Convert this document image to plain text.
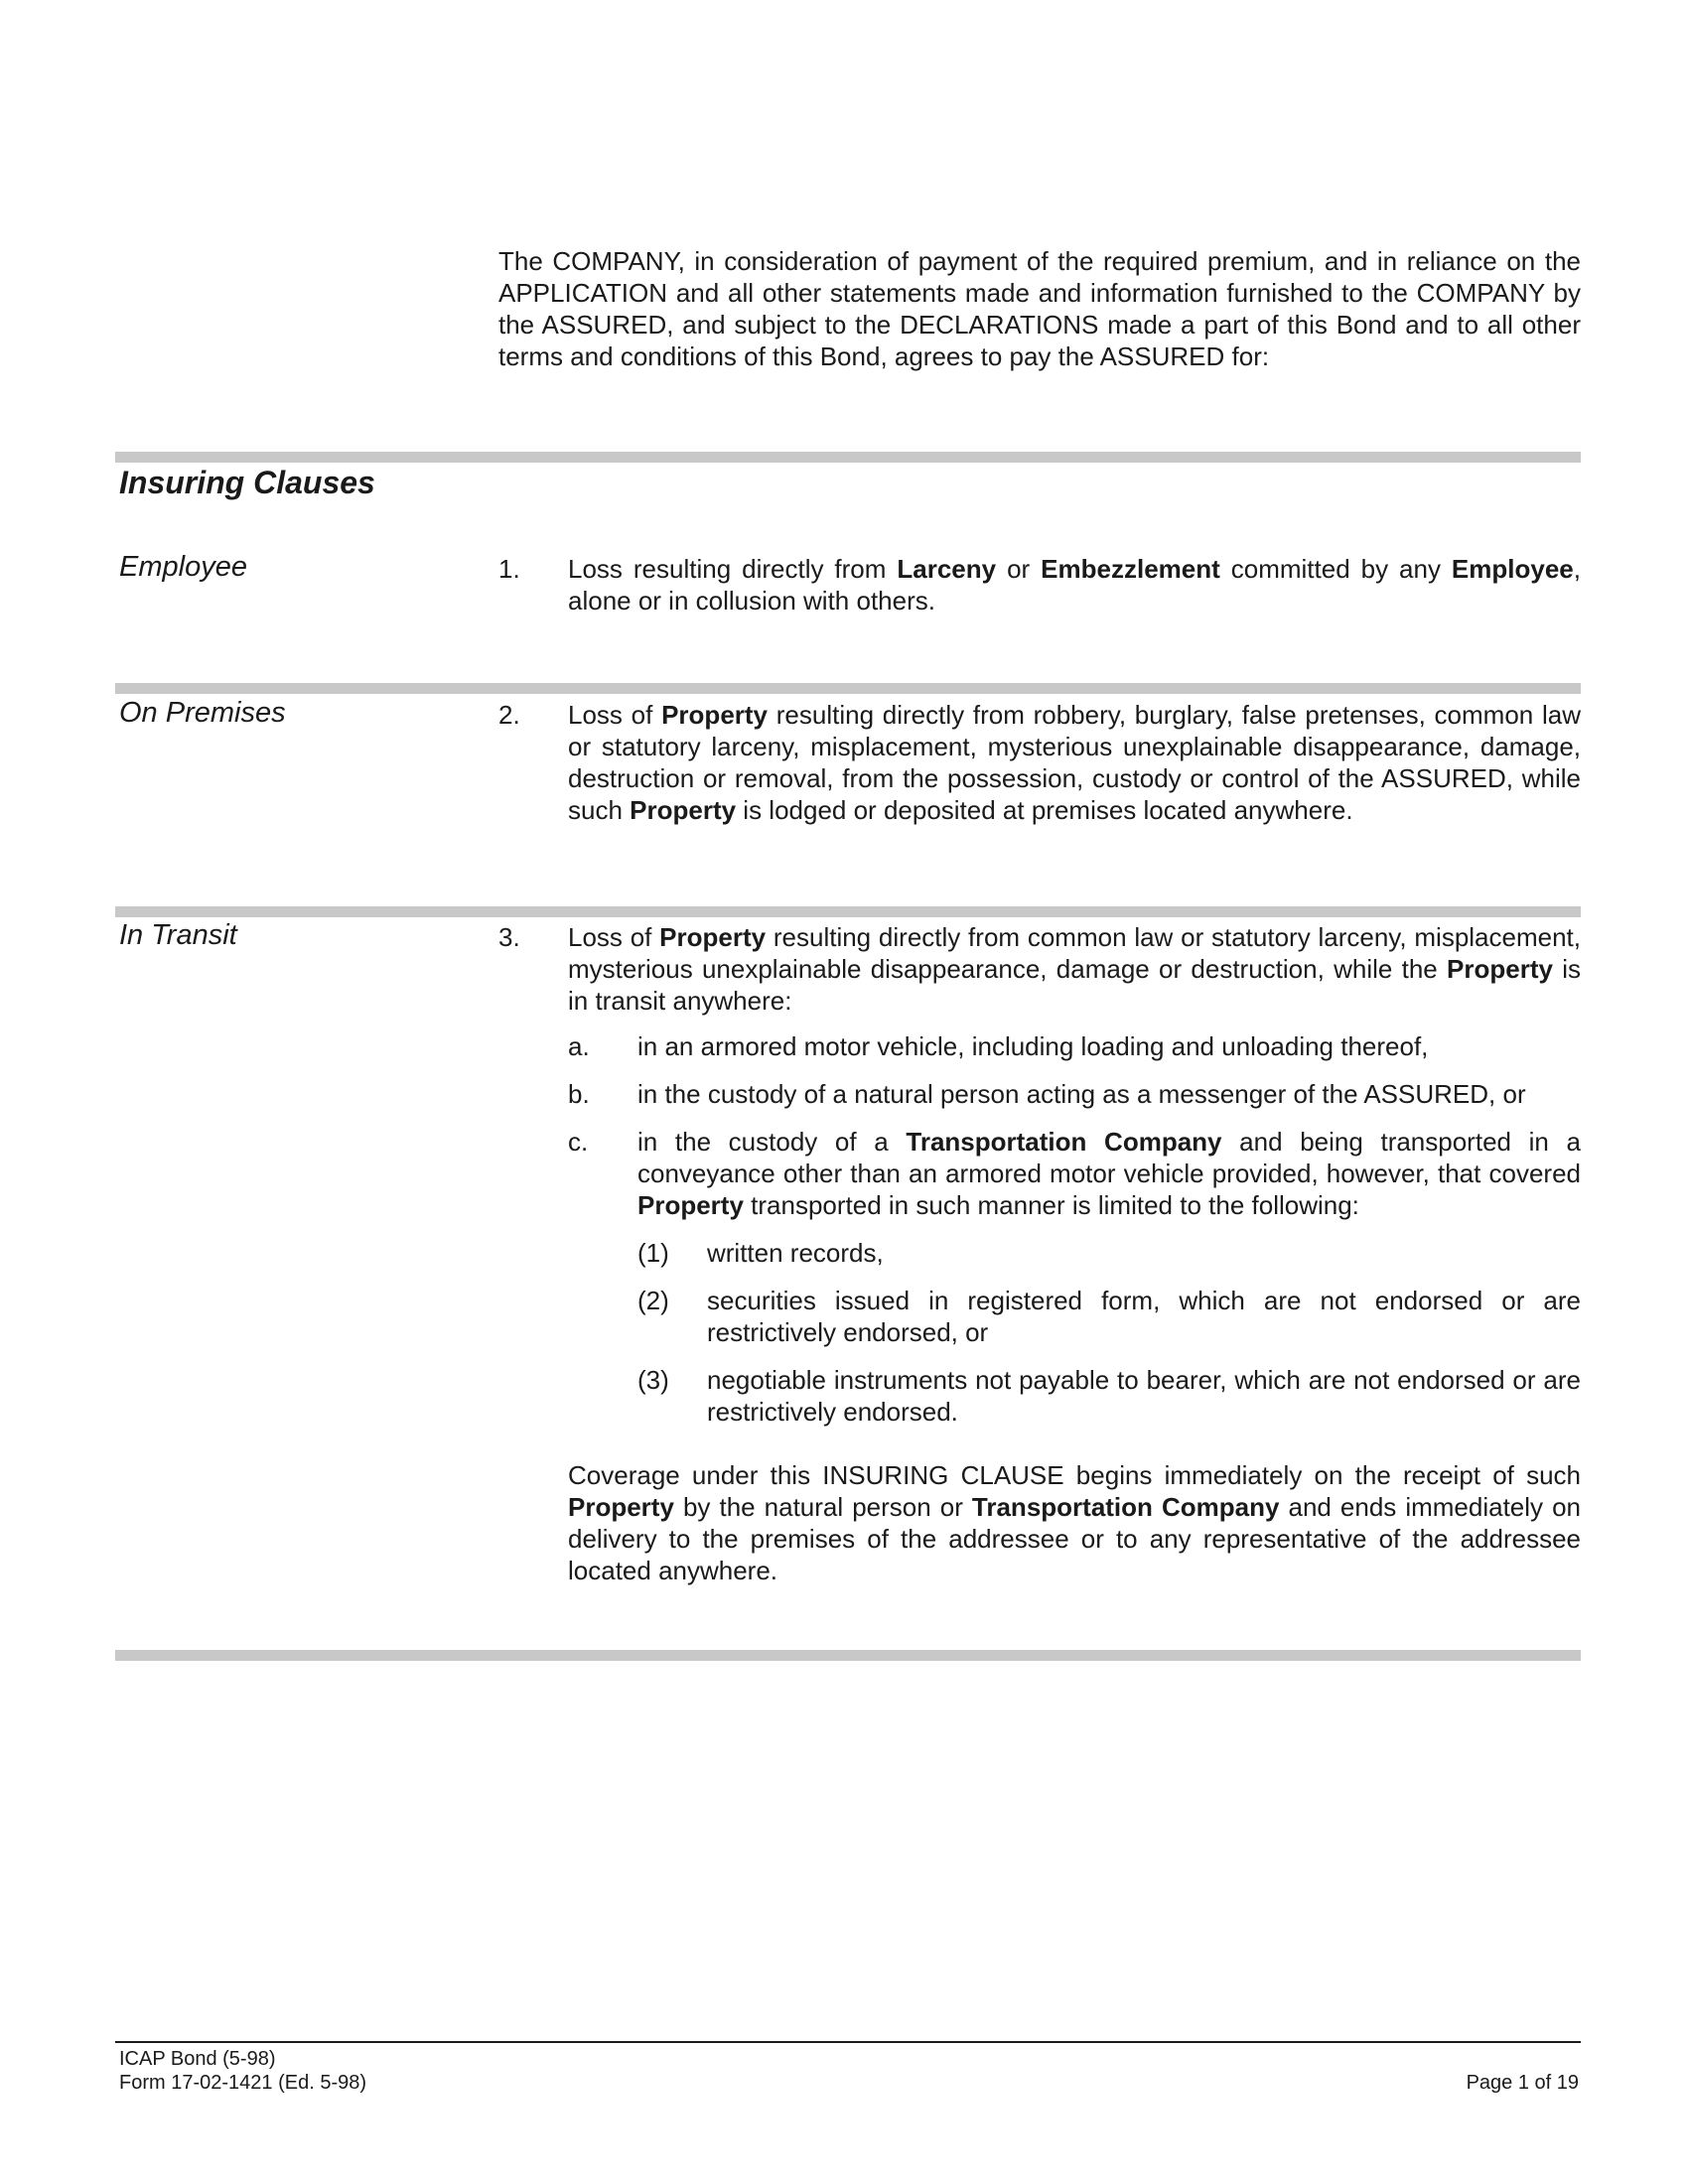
The COMPANY, in consideration of payment of the required premium, and in reliance on the APPLICATION and all other statements made and information furnished to the COMPANY by the ASSURED, and subject to the DECLARATIONS made a part of this Bond and to all other terms and conditions of this Bond, agrees to pay the ASSURED for:

Insuring Clauses

Employee	1.	Loss resulting directly from Larceny or Embezzlement committed by any Employee, alone or in collusion with others.

On Premises	2.	Loss of Property resulting directly from robbery, burglary, false pretenses, common law or statutory larceny, misplacement, mysterious unexplainable disappearance, damage, destruction or removal, from the possession, custody or control of the ASSURED, while such Property is lodged or deposited at premises located anywhere.

In Transit	3.	Loss of Property resulting directly from common law or statutory larceny, misplacement, mysterious unexplainable disappearance, damage or destruction, while the Property is in transit anywhere:

a.	in an armored motor vehicle, including loading and unloading thereof,

b.	in the custody of a natural person acting as a messenger of the ASSURED, or

c.	in the custody of a Transportation Company and being transported in a conveyance other than an armored motor vehicle provided, however, that covered Property transported in such manner is limited to the following:

(1)	written records,

(2)	securities issued in registered form, which are not endorsed or are restrictively endorsed, or

(3)	negotiable instruments not payable to bearer, which are not endorsed or are restrictively endorsed.

Coverage under this INSURING CLAUSE begins immediately on the receipt of such Property by the natural person or Transportation Company and ends immediately on delivery to the premises of the addressee or to any representative of the addressee located anywhere.

ICAP Bond (5-98)
Form 17-02-1421 (Ed. 5-98)	Page 1 of 19
